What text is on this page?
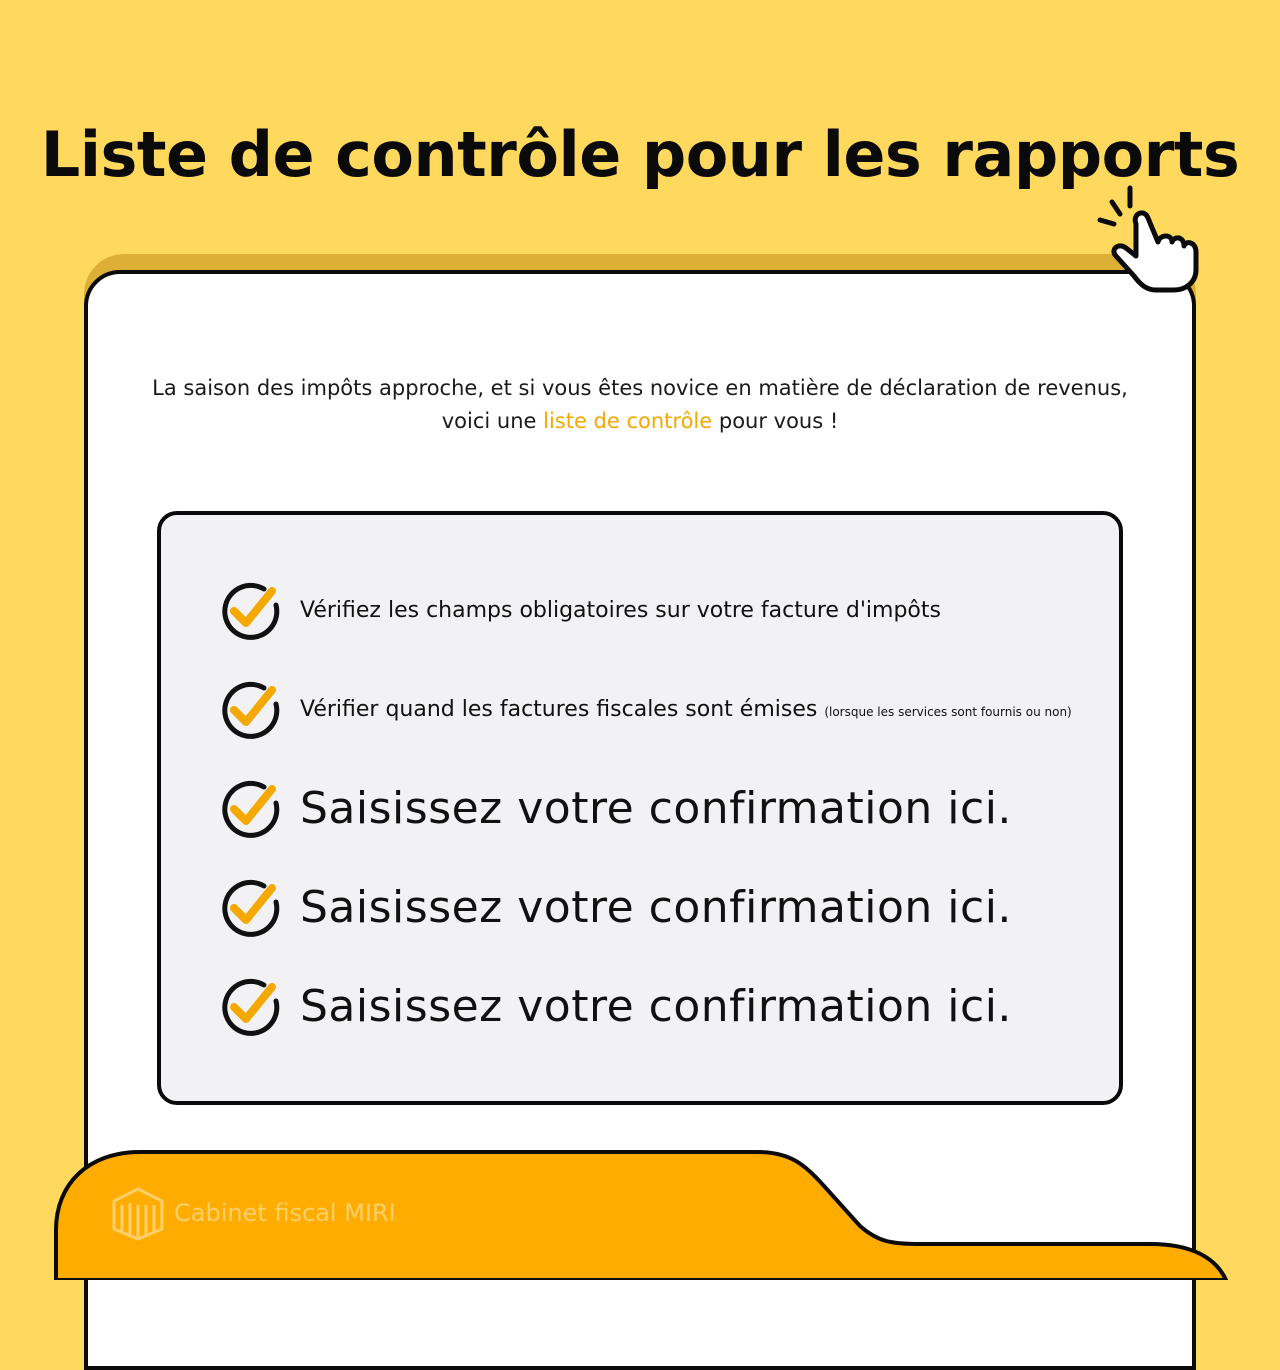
Liste de contrôle pour les rapports
La saison des impôts approche, et si vous êtes novice en matière de déclaration de revenus,
voici une liste de contrôle pour vous !
Vérifiez les champs obligatoires sur votre facture d'impôts
Vérifier quand les factures fiscales sont émises (lorsque les services sont fournis ou non)
Saisissez votre confirmation ici.
Saisissez votre confirmation ici.
Saisissez votre confirmation ici.
Cabinet fiscal MIRI
